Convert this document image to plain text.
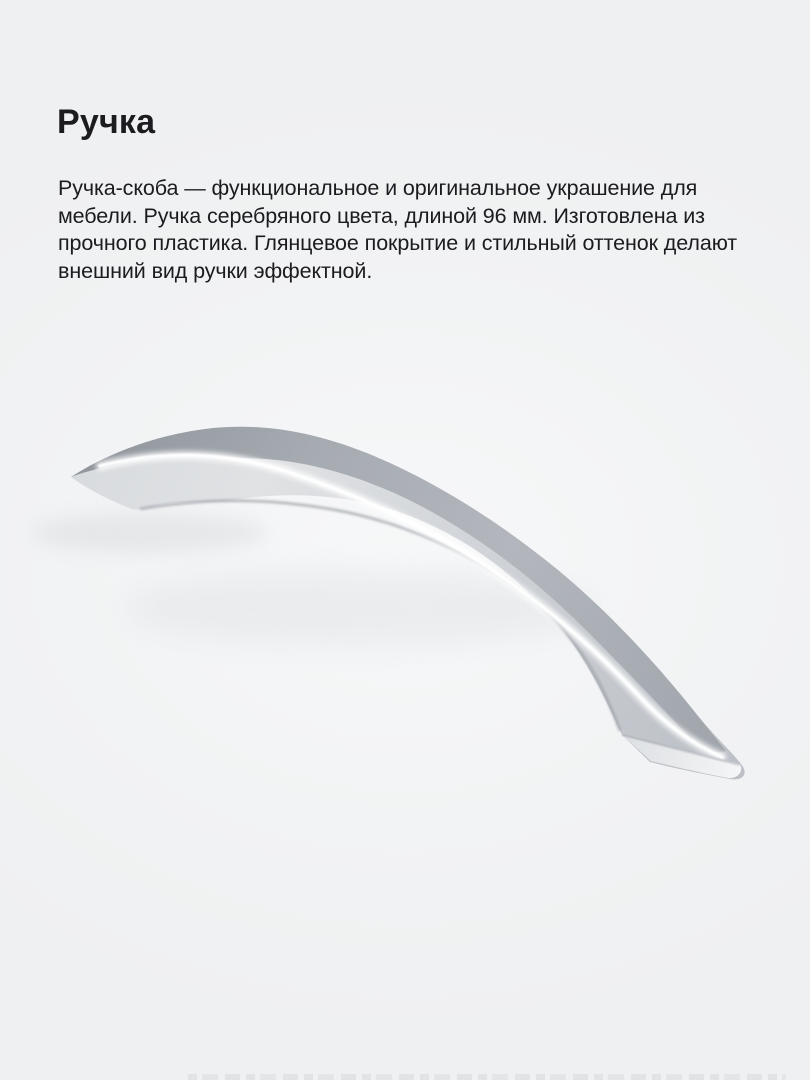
Ручка
Ручка-скоба — функциональное и оригинальное украшение для
мебели. Ручка серебряного цвета, длиной 96 мм. Изготовлена из
прочного пластика. Глянцевое покрытие и стильный оттенок делают
внешний вид ручки эффектной.
